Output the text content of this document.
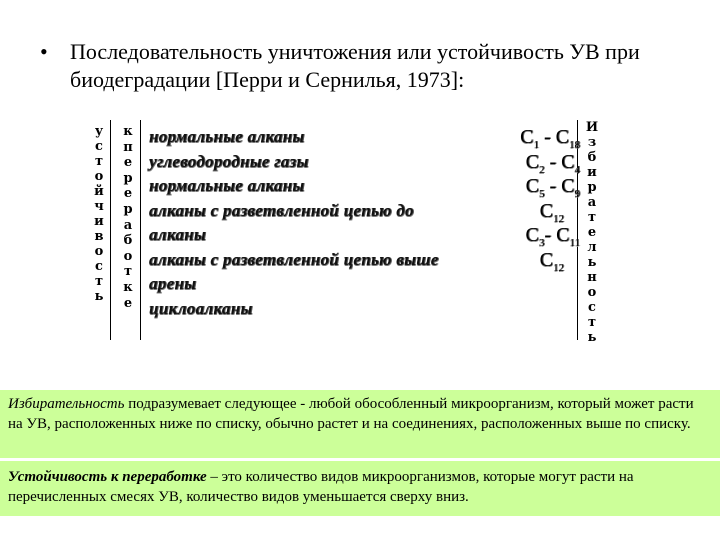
•	Последовательность уничтожения или устойчивость УВ при биодеградации [Перри и Сернилья, 1973]:
у
с
т
о
й
ч
и
в
о
с
т
ь
к
п
е
р
е
р
а
б
о
т
к
е
И
з
б
и
р
а
т
е
л
ь
н
о
с
т
ь
нормальные алканы
углеводородные газы
нормальные алканы
алканы с разветвленной цепью до
алканы
алканы с разветвленной цепью выше
арены
циклоалканы
$C_1 - C_{18}$
$C_2 - C_4$
$C_5 - C_9$
$C_{12}$
$C_3-$ $C_{11}$
$C_{12}$
Избирательность подразумевает следующее - любой обособленный микроорганизм, который может расти на УВ, расположенных ниже по списку, обычно растет и на соединениях, расположенных выше по списку.
Устойчивость к переработке – это количество видов микроорганизмов, которые могут расти на перечисленных смесях УВ, количество видов уменьшается сверху вниз.
